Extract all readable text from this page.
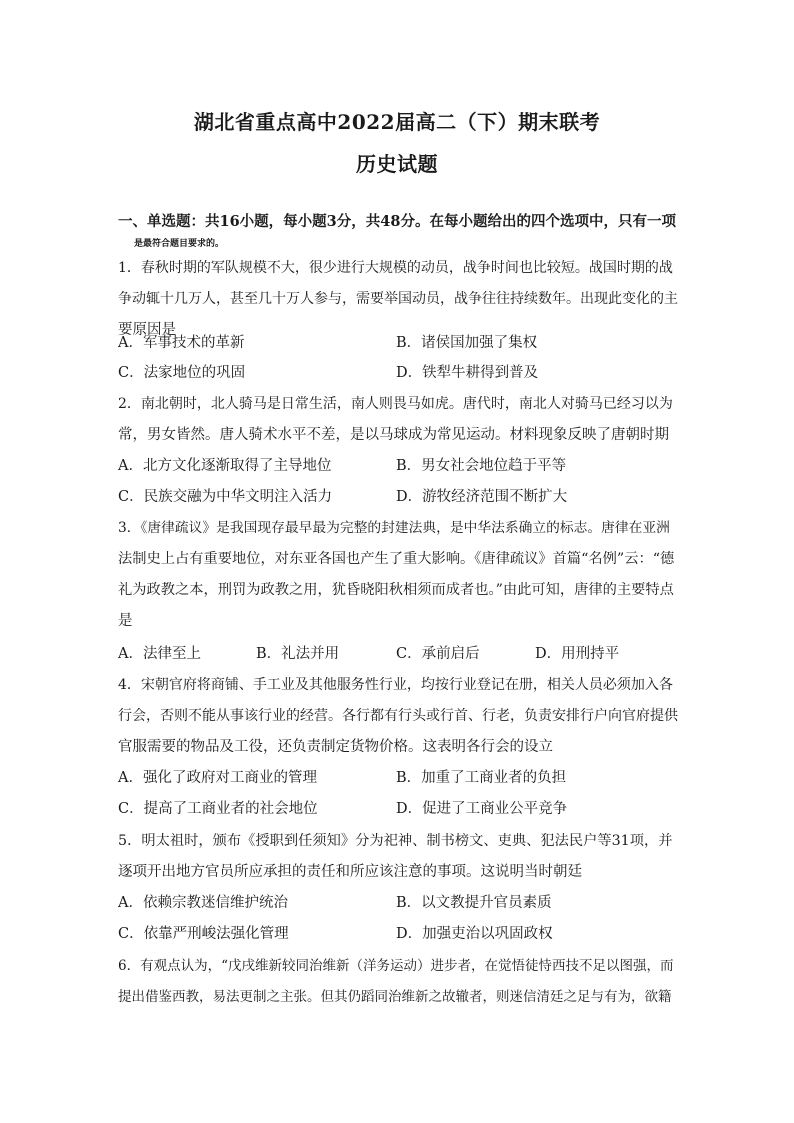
湖北省重点高中2022届高二（下）期末联考
历史试题
一、单选题：共16小题，每小题3分，共48分。在每小题给出的四个选项中，只有一项
是最符合题目要求的。
1．春秋时期的军队规模不大，很少进行大规模的动员，战争时间也比较短。战国时期的战
争动辄十几万人，甚至几十万人参与，需要举国动员，战争往往持续数年。出现此变化的主
要原因是
A．军事技术的革新	B．诸侯国加强了集权
C．法家地位的巩固	D．铁犁牛耕得到普及
2．南北朝时，北人骑马是日常生活，南人则畏马如虎。唐代时，南北人对骑马已经习以为
常，男女皆然。唐人骑术水平不差，是以马球成为常见运动。材料现象反映了唐朝时期
A．北方文化逐渐取得了主导地位	B．男女社会地位趋于平等
C．民族交融为中华文明注入活力	D．游牧经济范围不断扩大
3．《唐律疏议》是我国现存最早最为完整的封建法典，是中华法系确立的标志。唐律在亚洲
法制史上占有重要地位，对东亚各国也产生了重大影响。《唐律疏议》首篇“名例”云：“德
礼为政教之本，刑罚为政教之用，犹昏晓阳秋相须而成者也。”由此可知，唐律的主要特点
是
A．法律至上	B．礼法并用	C．承前启后	D．用刑持平
4．宋朝官府将商铺、手工业及其他服务性行业，均按行业登记在册，相关人员必须加入各
行会，否则不能从事该行业的经营。各行都有行头或行首、行老，负责安排行户向官府提供
官服需要的物品及工役，还负责制定货物价格。这表明各行会的设立
A．强化了政府对工商业的管理	B．加重了工商业者的负担
C．提高了工商业者的社会地位	D．促进了工商业公平竞争
5．明太祖时，颁布《授职到任须知》分为祀神、制书榜文、吏典、犯法民户等31项，并
逐项开出地方官员所应承担的责任和所应该注意的事项。这说明当时朝廷
A．依赖宗教迷信维护统治	B．以文教提升官员素质
C．依靠严刑峻法强化管理	D．加强吏治以巩固政权
6．有观点认为，“戊戌维新较同治维新（洋务运动）进步者，在觉悟徒恃西技不足以图强，而
提出借鉴西教，易法更制之主张。但其仍蹈同治维新之故辙者，则迷信清廷之足与有为，欲籍
